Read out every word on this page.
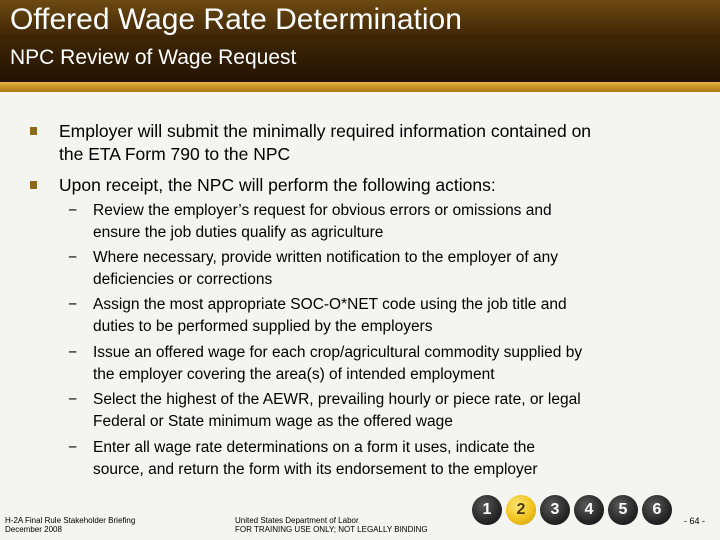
Offered Wage Rate Determination
NPC Review of Wage Request
Employer will submit the minimally required information contained on
the ETA Form 790 to the NPC
Upon receipt, the NPC will perform the following actions:
− Review the employer’s request for obvious errors or omissions and
ensure the job duties qualify as agriculture
− Where necessary, provide written notification to the employer of any
deficiencies or corrections
− Assign the most appropriate SOC-O*NET code using the job title and
duties to be performed supplied by the employers
− Issue an offered wage for each crop/agricultural commodity supplied by
the employer covering the area(s) of intended employment
− Select the highest of the AEWR, prevailing hourly or piece rate, or legal
Federal or State minimum wage as the offered wage
− Enter all wage rate determinations on a form it uses, indicate the
source, and return the form with its endorsement to the employer
H-2A Final Rule Stakeholder Briefing
December 2008
United States Department of Labor
FOR TRAINING USE ONLY; NOT LEGALLY BINDING
1	2	3	4	5	6
- 64 -
